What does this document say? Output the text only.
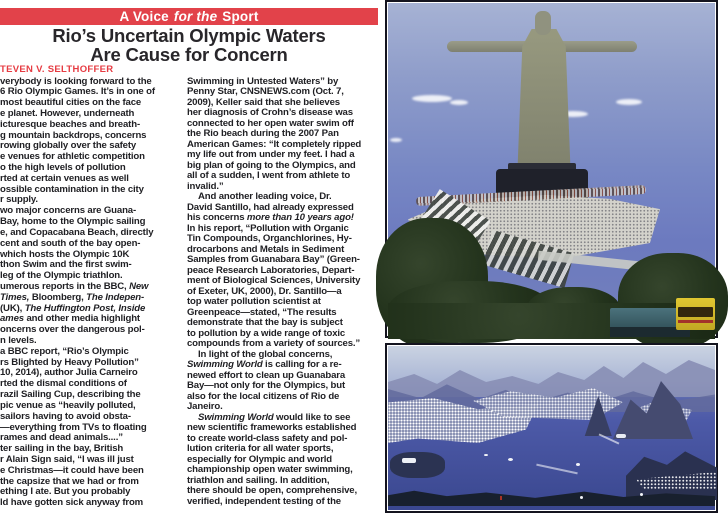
A Voice for the Sport
Rio’s Uncertain Olympic Waters
Are Cause for Concern
TEVEN V. SELTHOFFER
verybody is looking forward to the
6 Rio Olympic Games. It’s in one of
most beautiful cities on the face
e planet. However, underneath
icturesque beaches and breath-
g mountain backdrops, concerns
rowing globally over the safety
e venues for athletic competition
o the high levels of pollution
rted at certain venues as well
ossible contamination in the city
r supply.
wo major concerns are Guana-
Bay, home to the Olympic sailing
e, and Copacabana Beach, directly
cent and south of the bay open-
which hosts the Olympic 10K
thon Swim and the first swim-
leg of the Olympic triathlon.
umerous reports in the BBC, New
Times, Bloomberg, The Indepen-
(UK), The Huffington Post, Inside
ames and other media highlight
oncerns over the dangerous pol-
n levels.
a BBC report, “Rio’s Olympic
rs Blighted by Heavy Pollution”
10, 2014), author Julia Carneiro
rted the dismal conditions of
razil Sailing Cup, describing the
pic venue as “heavily polluted,
sailors having to avoid obsta-
—everything from TVs to floating
rames and dead animals....”
ter sailing in the bay, British
r Alain Sign said, “I was ill just
e Christmas—it could have been
the capsize that we had or from
ething I ate. But you probably
ld have gotten sick anyway from
Swimming in Untested Waters” by
Penny Star, CNSNEWS.com (Oct. 7,
2009), Keller said that she believes
her diagnosis of Crohn’s disease was
connected to her open water swim off
the Rio beach during the 2007 Pan
American Games: “It completely ripped
my life out from under my feet. I had a
big plan of going to the Olympics, and
all of a sudden, I went from athlete to
invalid.”
And another leading voice, Dr.
David Santillo, had already expressed
his concerns more than 10 years ago!
In his report, “Pollution with Organic
Tin Compounds, Organchlorines, Hy-
drocarbons and Metals in Sediment
Samples from Guanabara Bay” (Green-
peace Research Laboratories, Depart-
ment of Biological Sciences, University
of Exeter, UK, 2000), Dr. Santillo—a
top water pollution scientist at
Greenpeace—stated, “The results
demonstrate that the bay is subject
to pollution by a wide range of toxic
compounds from a variety of sources.”
In light of the global concerns,
Swimming World is calling for a re-
newed effort to clean up Guanabara
Bay—not only for the Olympics, but
also for the local citizens of Rio de
Janeiro.
Swimming World would like to see
new scientific frameworks established
to create world-class safety and pol-
lution criteria for all water sports,
especially for Olympic and world
championship open water swimming,
triathlon and sailing. In addition,
there should be open, comprehensive,
verified, independent testing of the
